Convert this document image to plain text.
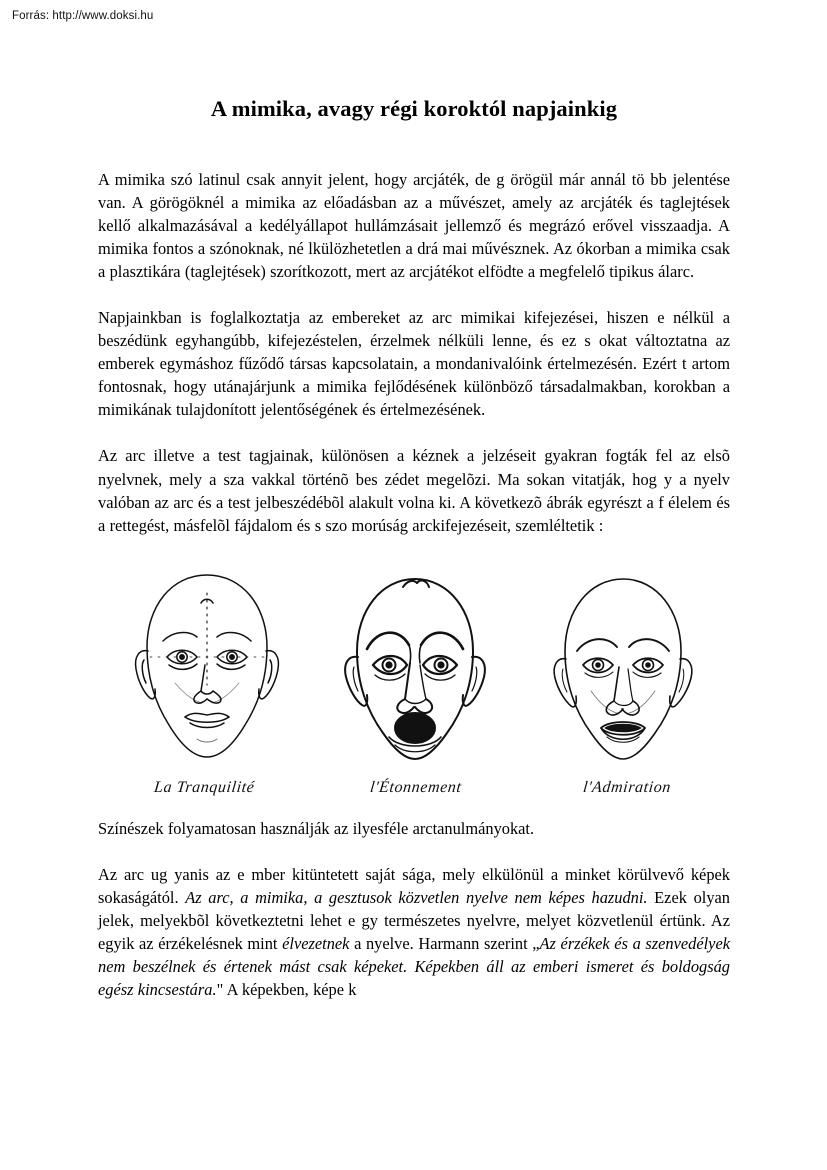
Forrás: http://www.doksi.hu
A mimika, avagy régi koroktól napjainkig

A mimika szó latinul csak annyit jelent, hogy arcjáték, de g örögül már annál tö bb jelentése van. A görögöknél a mimika az előadásban az a művészet, amely az arcjáték és taglejtések kellő alkalmazásával a kedélyállapot hullámzásait jellemző és megrázó erővel visszaadja. A mimika fontos a szónoknak, né lkülözhetetlen a drá mai művésznek. Az ókorban a mimika csak a plasztikára (taglejtések) szorítkozott, mert az arcjátékot elfödte a megfelelő tipikus álarc.

Napjainkban is foglalkoztatja az embereket az arc mimikai kifejezései, hiszen e nélkül a beszédünk egyhangúbb, kifejezéstelen, érzelmek nélküli lenne, és ez s okat változtatna az emberek egymáshoz fűződő társas kapcsolatain, a mondanivalóink értelmezésén. Ezért t artom fontosnak, hogy utánajárjunk a mimika fejlődésének különböző társadalmakban, korokban a mimikának tulajdonított jelentőségének és értelmezésének.

Az arc illetve a test tagjainak, különösen a kéznek a jelzéseit gyakran fogták fel az elsõ nyelvnek, mely a sza vakkal történõ bes zédet megelõzi. Ma sokan vitatják, hog y a nyelv valóban az arc és a test jelbeszédébõl alakult volna ki. A következõ ábrák egyrészt a f élelem és a rettegést, másfelõl fájdalom és s szo morúság arckifejezéseit, szemléltetik :

La Tranquilité	l'Étonnement	l'Admiration

Színészek folyamatosan használják az ilyesféle arctanulmányokat.

Az arc ug yanis az e mber kitüntetett saját sága, mely elkülönül a minket körülvevő képek sokaságától. Az arc, a mimika, a gesztusok közvetlen nyelve nem képes hazudni. Ezek olyan jelek, melyekbõl következtetni lehet e gy természetes nyelvre, melyet közvetlenül értünk. Az egyik az érzékelésnek mint élvezetnek a nyelve. Harmann szerint „Az érzékek és a szenvedélyek nem beszélnek és értenek mást csak képeket. Képekben áll az emberi ismeret és boldogság egész kincsestára." A képekben, képe k
